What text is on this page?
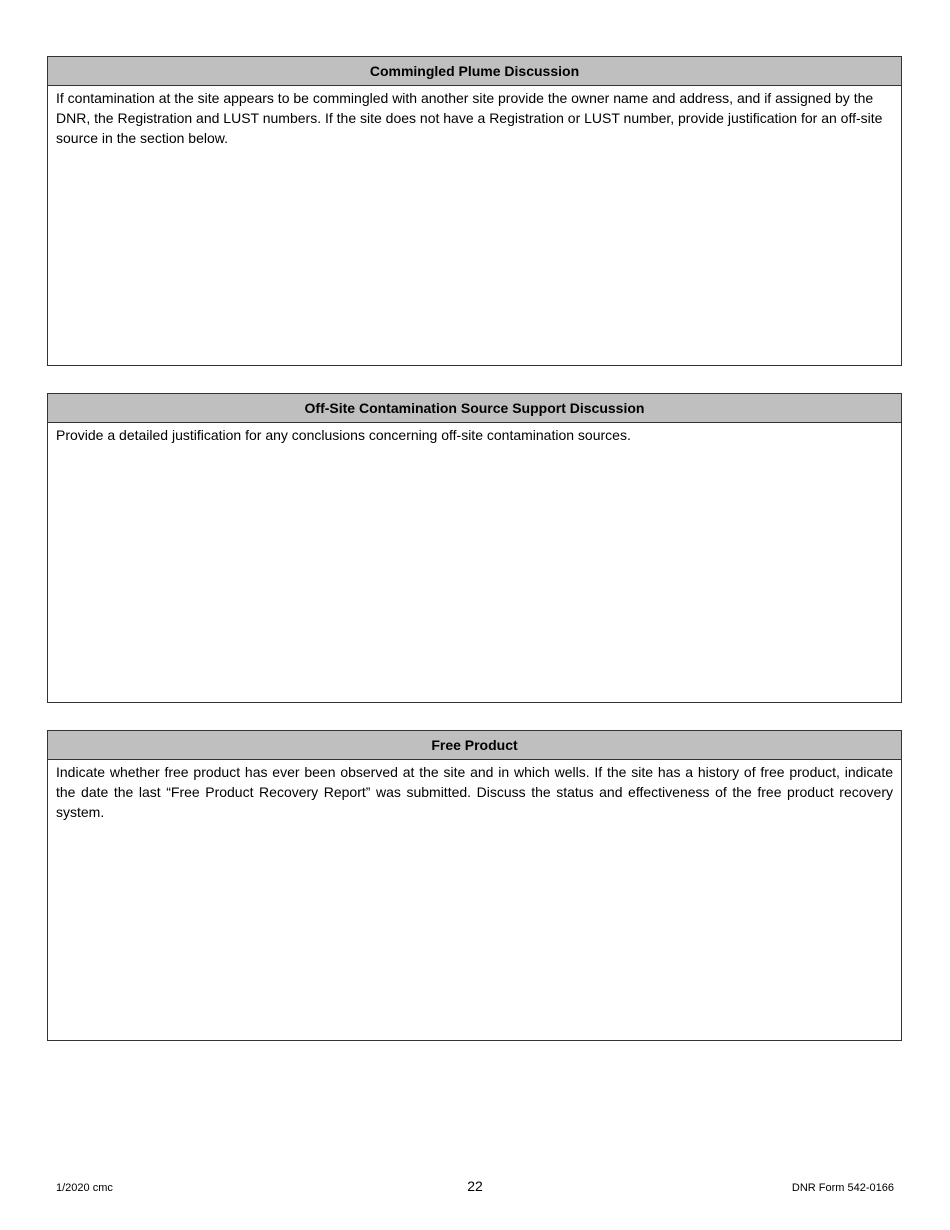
Commingled Plume Discussion

If contamination at the site appears to be commingled with another site provide the owner name and address, and if assigned by the DNR, the Registration and LUST numbers. If the site does not have a Registration or LUST number, provide justification for an off-site source in the section below.

Off-Site Contamination Source Support Discussion

Provide a detailed justification for any conclusions concerning off-site contamination sources.

Free Product

Indicate whether free product has ever been observed at the site and in which wells. If the site has a history of free product, indicate the date the last “Free Product Recovery Report” was submitted. Discuss the status and effectiveness of the free product recovery system.

1/2020 cmc	22	DNR Form 542-0166
